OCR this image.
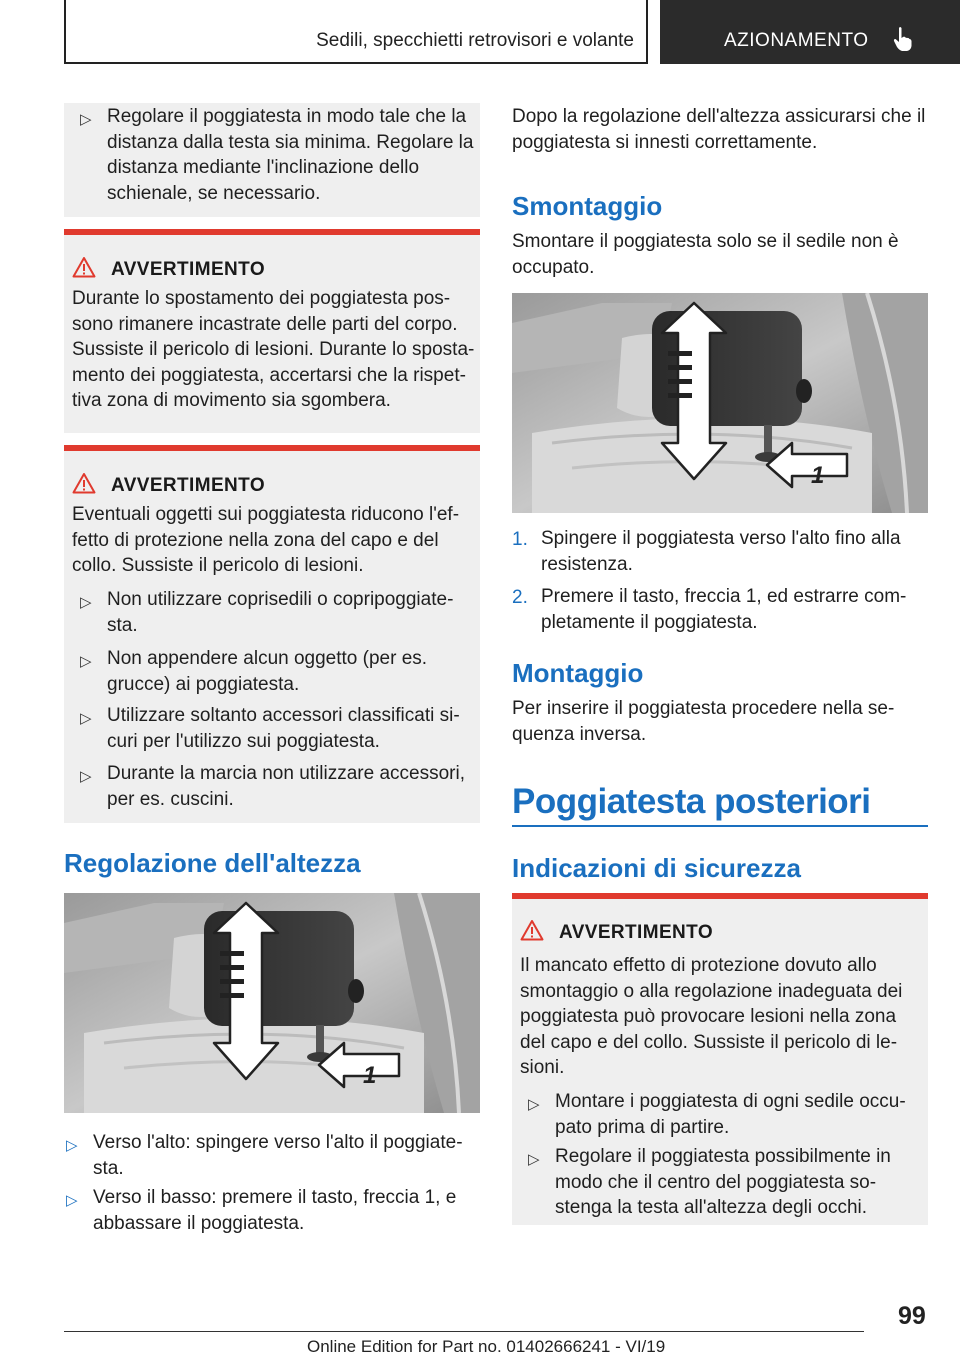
Sedili, specchietti retrovisori e volante	AZIONAMENTO
▷ Regolare il poggiatesta in modo tale che la
distanza dalla testa sia minima. Regolare la
distanza mediante l'inclinazione dello
schienale, se necessario.
AVVERTIMENTO
Durante lo spostamento dei poggiatesta pos-
sono rimanere incastrate delle parti del corpo.
Sussiste il pericolo di lesioni. Durante lo sposta-
mento dei poggiatesta, accertarsi che la rispet-
tiva zona di movimento sia sgombera.
AVVERTIMENTO
Eventuali oggetti sui poggiatesta riducono l'ef-
fetto di protezione nella zona del capo e del
collo. Sussiste il pericolo di lesioni.
▷ Non utilizzare coprisedili o copripoggiate-
sta.
▷ Non appendere alcun oggetto (per es.
grucce) ai poggiatesta.
▷ Utilizzare soltanto accessori classificati si-
curi per l'utilizzo sui poggiatesta.
▷ Durante la marcia non utilizzare accessori,
per es. cuscini.
Regolazione dell'altezza
1
▷ Verso l'alto: spingere verso l'alto il poggiate-
sta.
▷ Verso il basso: premere il tasto, freccia 1, e
abbassare il poggiatesta.
Dopo la regolazione dell'altezza assicurarsi che il
poggiatesta si innesti correttamente.
Smontaggio
Smontare il poggiatesta solo se il sedile non è
occupato.
1
1. Spingere il poggiatesta verso l'alto fino alla
resistenza.
2. Premere il tasto, freccia 1, ed estrarre com-
pletamente il poggiatesta.
Montaggio
Per inserire il poggiatesta procedere nella se-
quenza inversa.
Poggiatesta posteriori
Indicazioni di sicurezza
AVVERTIMENTO
Il mancato effetto di protezione dovuto allo
smontaggio o alla regolazione inadeguata dei
poggiatesta può provocare lesioni nella zona
del capo e del collo. Sussiste il pericolo di le-
sioni.
▷ Montare i poggiatesta di ogni sedile occu-
pato prima di partire.
▷ Regolare il poggiatesta possibilmente in
modo che il centro del poggiatesta so-
stenga la testa all'altezza degli occhi.
99
Online Edition for Part no. 01402666241 - VI/19
